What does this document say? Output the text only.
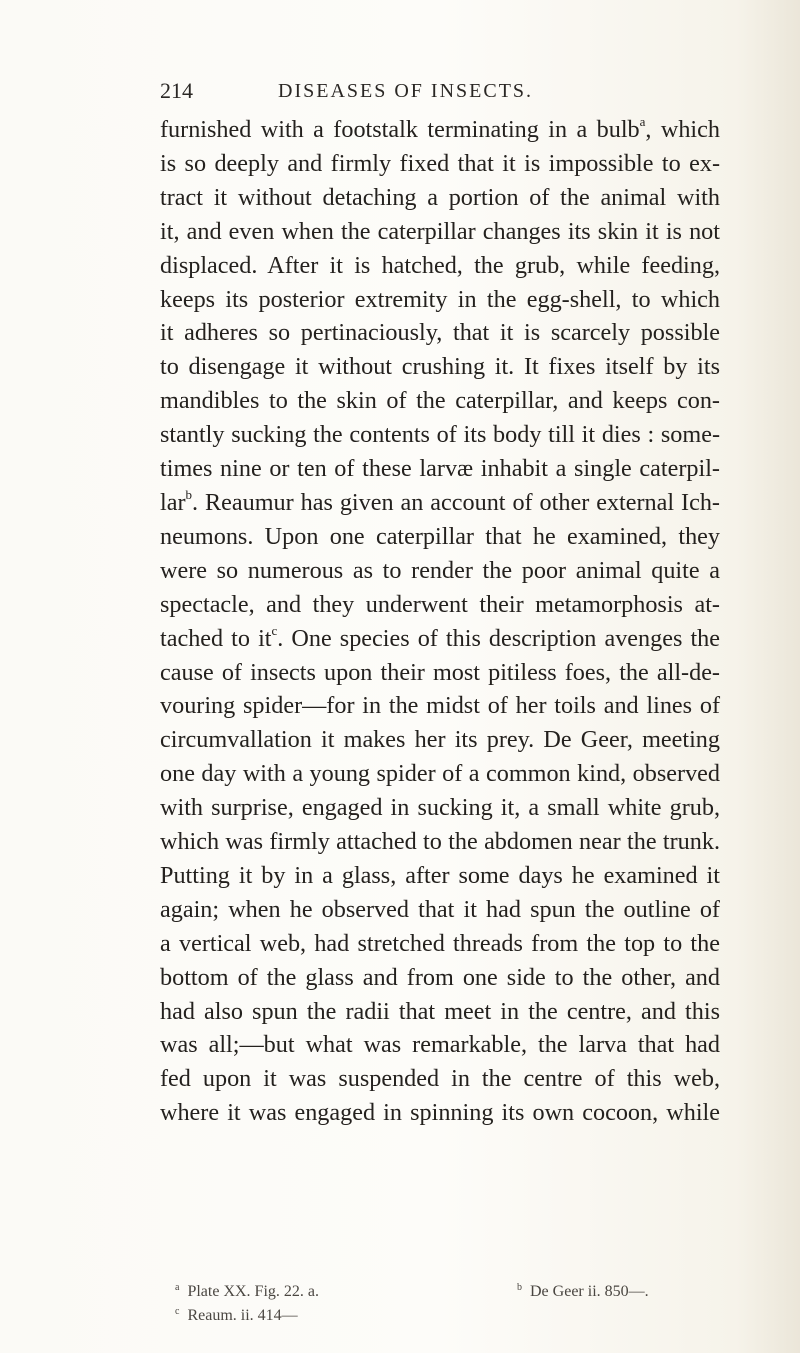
214	DISEASES OF INSECTS.
furnished with a footstalk terminating in a bulb$^a$, which
is so deeply and firmly fixed that it is impossible to ex-
tract it without detaching a portion of the animal with
it, and even when the caterpillar changes its skin it is not
displaced. After it is hatched, the grub, while feeding,
keeps its posterior extremity in the egg-shell, to which
it adheres so pertinaciously, that it is scarcely possible
to disengage it without crushing it. It fixes itself by its
mandibles to the skin of the caterpillar, and keeps con-
stantly sucking the contents of its body till it dies : some-
times nine or ten of these larvæ inhabit a single caterpil-
lar$^b$. Reaumur has given an account of other external Ich-
neumons. Upon one caterpillar that he examined, they
were so numerous as to render the poor animal quite a
spectacle, and they underwent their metamorphosis at-
tached to $it^c$. One species of this description avenges the
cause of insects upon their most pitiless foes, the all-de-
vouring spider—for in the midst of her toils and lines of
circumvallation it makes her its prey. De Geer, meeting
one day with a young spider of a common kind, observed
with surprise, engaged in sucking it, a small white grub,
which was firmly attached to the abdomen near the trunk.
Putting it by in a glass, after some days he examined it
again; when he observed that it had spun the outline of
a vertical web, had stretched threads from the top to the
bottom of the glass and from one side to the other, and
had also spun the radii that meet in the centre, and this
was all;—but what was remarkable, the larva that had
fed upon it was suspended in the centre of this web,
where it was engaged in spinning its own cocoon, while
$^a$ Plate XX. Fig. 22. a.	$^b$ De Geer ii. 850—.
$^c$ Reaum. ii. 414—
